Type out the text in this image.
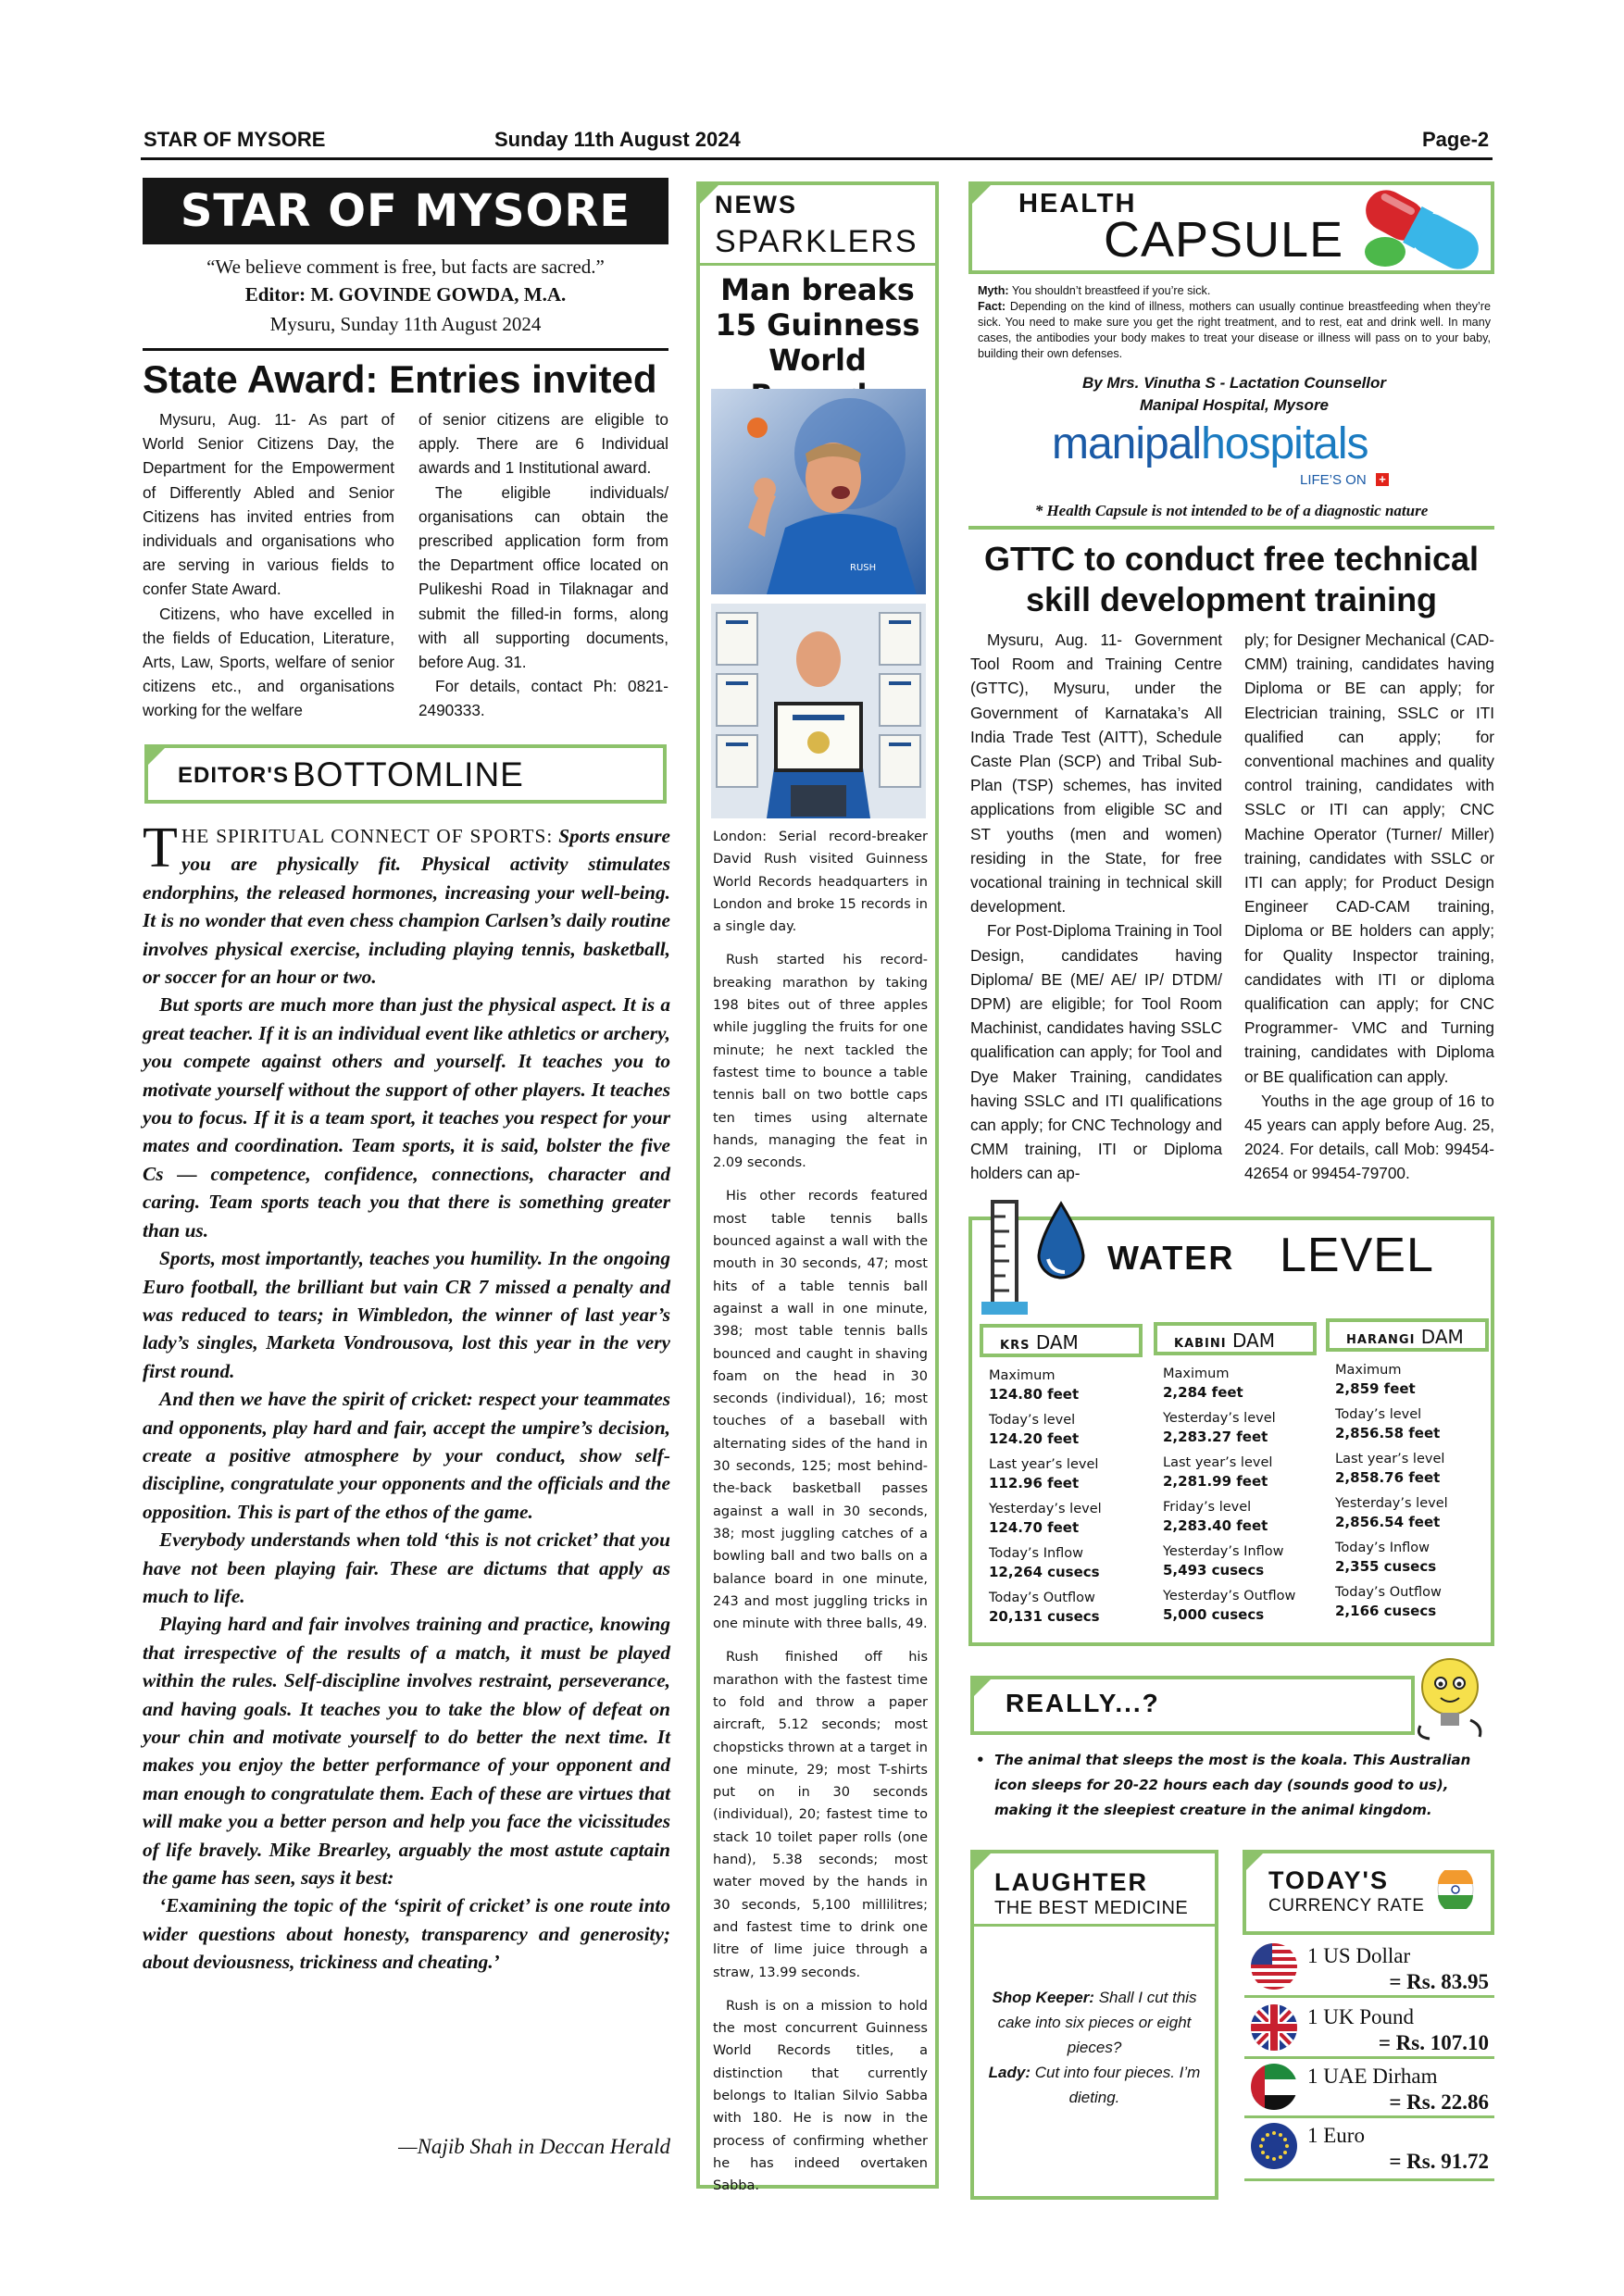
STAR OF MYSORE	Sunday 11th August 2024	Page-2
STAR OF MYSORE
“We believe comment is free, but facts are sacred.”
Editor: M. GOVINDE GOWDA, M.A.
Mysuru, Sunday 11th August 2024
State Award: Entries invited

Mysuru, Aug. 11- As part of World Senior Citizens Day, the Department for the Empowerment of Differently Abled and Senior Citizens has invited entries from individuals and organisations who are serving in various fields to confer State Award.

Citizens, who have excelled in the fields of Education, Literature, Arts, Law, Sports, welfare of senior citizens etc., and organisations working for the welfare

of senior citizens are eligible to apply. There are 6 Individual awards and 1 Institutional award.

The eligible individuals/ organisations can obtain the prescribed application form from the Department office located on Pulikeshi Road in Tilaknagar and submit the filled-in forms, along with all supporting documents, before Aug. 31.

For details, contact Ph: 0821-2490333.

EDITOR'S BOTTOMLINE

THE SPIRITUAL CONNECT OF SPORTS: Sports ensure you are physically fit. Physical activity stimulates endorphins, the released hormones, increasing your well-being. It is no wonder that even chess champion Carlsen’s daily routine involves physical exercise, including playing tennis, basketball, or soccer for an hour or two.

But sports are much more than just the physical aspect. It is a great teacher. If it is an individual event like athletics or archery, you compete against others and yourself. It teaches you to motivate yourself without the support of other players. It teaches you to focus. If it is a team sport, it teaches you respect for your mates and coordination. Team sports, it is said, bolster the five Cs — competence, confidence, connections, character and caring. Team sports teach you that there is something greater than us.

Sports, most importantly, teaches you humility. In the ongoing Euro football, the brilliant but vain CR 7 missed a penalty and was reduced to tears; in Wimbledon, the winner of last year’s lady’s singles, Marketa Vondrousova, lost this year in the very first round.

And then we have the spirit of cricket: respect your teammates and opponents, play hard and fair, accept the umpire’s decision, create a positive atmosphere by your conduct, show self-discipline, congratulate your opponents and the officials and the opposition. This is part of the ethos of the game.

Everybody understands when told ‘this is not cricket’ that you have not been playing fair. These are dictums that apply as much to life.

Playing hard and fair involves training and practice, knowing that irrespective of the results of a match, it must be played within the rules. Self-discipline involves restraint, perseverance, and having goals. It teaches you to take the blow of defeat on your chin and motivate yourself to do better the next time. It makes you enjoy the better performance of your opponent and man enough to congratulate them. Each of these are virtues that will make you a better person and help you face the vicissitudes of life bravely. Mike Brearley, arguably the most astute captain the game has seen, says it best:

‘Examining the topic of the ‘spirit of cricket’ is one route into wider questions about honesty, transparency and generosity; about deviousness, trickiness and cheating.’

—Najib Shah in Deccan Herald
NEWS
SPARKLERS
Man breaks 15 Guinness World
RUSH

London: Serial record-breaker David Rush visited Guinness World Records headquarters in London and broke 15 records in a single day.

Rush started his record-breaking marathon by taking 198 bites out of three apples while juggling the fruits for one minute; he next tackled the fastest time to bounce a table tennis ball on two bottle caps ten times using alternate hands, managing the feat in 2.09 seconds.

His other records featured most table tennis balls bounced against a wall with the mouth in 30 seconds, 47; most hits of a table tennis ball against a wall in one minute, 398; most table tennis balls bounced and caught in shaving foam on the head in 30 seconds (individual), 16; most touches of a baseball with alternating sides of the hand in 30 seconds, 125; most behind-the-back basketball passes against a wall in 30 seconds, 38; most juggling catches of a bowling ball and two balls on a balance board in one minute, 243 and most juggling tricks in one minute with three balls, 49.

Rush finished off his marathon with the fastest time to fold and throw a paper aircraft, 5.12 seconds; most chopsticks thrown at a target in one minute, 29; most T-shirts put on in 30 seconds (individual), 20; fastest time to stack 10 toilet paper rolls (one hand), 5.38 seconds; most water moved by the hands in 30 seconds, 5,100 millilitres; and fastest time to drink one litre of lime juice through a straw, 13.99 seconds.

Rush is on a mission to hold the most concurrent Guinness World Records titles, a distinction that currently belongs to Italian Silvio Sabba with 180. He is now in the process of confirming whether he has indeed overtaken Sabba.

HEALTH
CAPSULE
Myth: You shouldn’t breastfeed if you’re sick.
Fact: Depending on the kind of illness, mothers can usually continue breastfeeding when they’re sick. You need to make sure you get the right treatment, and to rest, eat and drink well. In many cases, the antibodies your body makes to treat your disease or illness will pass on to your baby, building their own defenses.
By Mrs. Vinutha S - Lactation Counsellor
Manipal Hospital, Mysore
manipalhospitals
LIFE’S ON +
* Health Capsule is not intended to be of a diagnostic nature
GTTC to conduct free technical skill development training

Mysuru, Aug. 11- Government Tool Room and Training Centre (GTTC), Mysuru, under the Government of Karnataka’s All India Trade Test (AITT), Schedule Caste Plan (SCP) and Tribal Sub-Plan (TSP) schemes, has invited applications from eligible SC and ST youths (men and women) residing in the State, for free vocational training in technical skill development.

For Post-Diploma Training in Tool Design, candidates having Diploma/ BE (ME/ AE/ IP/ DTDM/ DPM) are eligible; for Tool Room Machinist, candidates having SSLC qualification can apply; for Tool and Dye Maker Training, candidates having SSLC and ITI qualifications can apply; for CNC Technology and CMM training, ITI or Diploma holders can ap-

ply; for Designer Mechanical (CAD-CMM) training, candidates having Diploma or BE can apply; for Electrician training, SSLC or ITI qualified can apply; for conventional machines and quality control training, candidates with SSLC or ITI can apply; CNC Machine Operator (Turner/ Miller) training, candidates with SSLC or ITI can apply; for Product Design Engineer CAD-CAM training, Diploma or BE holders can apply; for Quality Inspector training, candidates with ITI or diploma qualification can apply; for CNC Programmer- VMC and Turning training, candidates with Diploma or BE qualification can apply.

Youths in the age group of 16 to 45 years can apply before Aug. 25, 2024. For details, call Mob: 99454-42654 or 99454-79700.

WATER LEVEL
KRS DAM
Maximum
124.80 feet
Today’s level
124.20 feet
Last year’s level
112.96 feet
Yesterday’s level
124.70 feet
Today’s Inflow
12,264 cusecs
Today’s Outflow
20,131 cusecs
KABINI DAM
Maximum
2,284 feet
Yesterday’s level
2,283.27 feet
Last year’s level
2,281.99 feet
Friday’s level
2,283.40 feet
Yesterday’s Inflow
5,493 cusecs
Yesterday’s Outflow
5,000 cusecs
HARANGI DAM
Maximum
2,859 feet
Today’s level
2,856.58 feet
Last year’s level
2,858.76 feet
Yesterday’s level
2,856.54 feet
Today’s Inflow
2,355 cusecs
Today’s Outflow
2,166 cusecs
REALLY...?
• The animal that sleeps the most is the koala. This Australian icon sleeps for 20-22 hours each day (sounds good to us), making it the sleepiest creature in the animal kingdom.
LAUGHTER
THE BEST MEDICINE
Shop Keeper: Shall I cut this cake into six pieces or eight pieces?
Lady: Cut into four pieces. I’m dieting.
TODAY'S
CURRENCY RATE
1 US Dollar
= Rs. 83.95
1 UK Pound
= Rs. 107.10
1 UAE Dirham
= Rs. 22.86
1 Euro
= Rs. 91.72
